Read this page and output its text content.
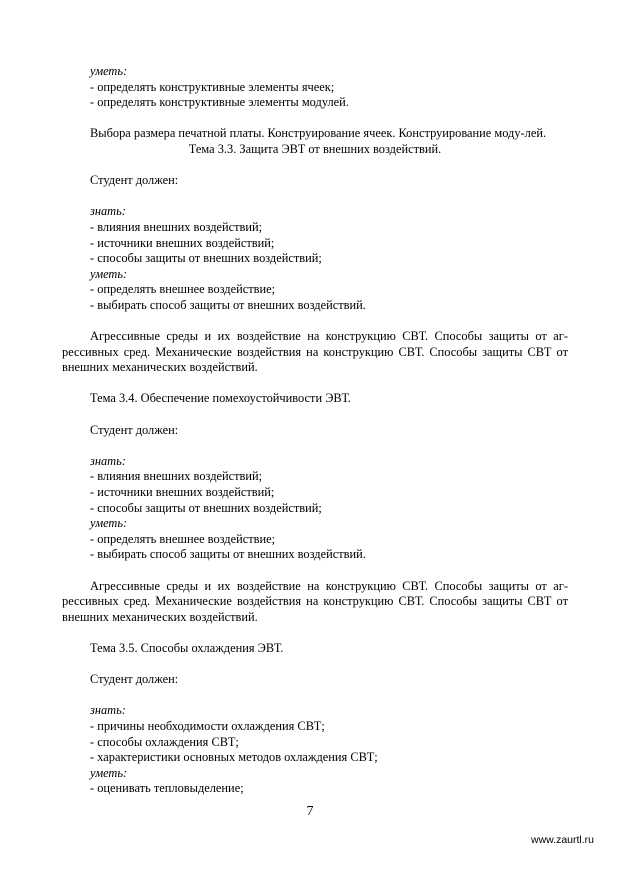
уметь:

- определять конструктивные элементы ячеек;

- определять конструктивные элементы модулей.

Выбора размера печатной платы. Конструирование ячеек. Конструирование моду-лей.

Тема 3.3. Защита ЭВТ от внешних воздействий.

Студент должен:

знать:

- влияния внешних воздействий;

- источники внешних воздействий;

- способы защиты от внешних воздействий;

уметь:

- определять внешнее воздействие;

- выбирать способ защиты от внешних воздействий.

Агрессивные среды и их воздействие на конструкцию СВТ. Способы защиты от аг-рессивных сред. Механические воздействия на конструкцию СВТ. Способы защиты СВТ от внешних механических воздействий.

Тема 3.4. Обеспечение помехоустойчивости ЭВТ.

Студент должен:

знать:

- влияния внешних воздействий;

- источники внешних воздействий;

- способы защиты от внешних воздействий;

уметь:

- определять внешнее воздействие;

- выбирать способ защиты от внешних воздействий.

Агрессивные среды и их воздействие на конструкцию СВТ. Способы защиты от аг-рессивных сред. Механические воздействия на конструкцию СВТ. Способы защиты СВТ от внешних механических воздействий.

Тема 3.5. Способы охлаждения ЭВТ.

Студент должен:

знать:

- причины необходимости охлаждения СВТ;

- способы охлаждения СВТ;

- характеристики основных методов охлаждения СВТ;

уметь:

- оценивать тепловыделение;

7
www.zaurtl.ru
